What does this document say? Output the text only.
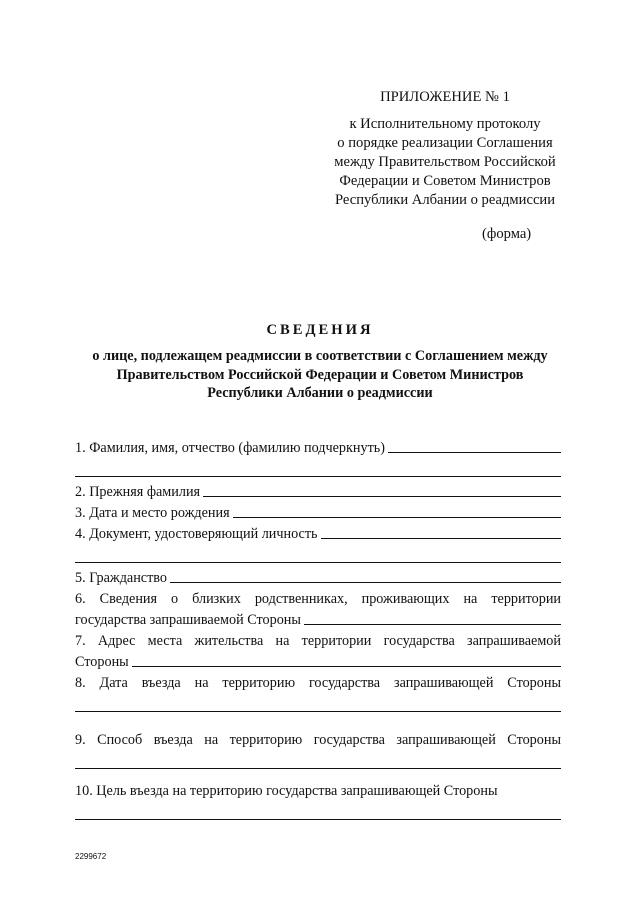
ПРИЛОЖЕНИЕ № 1
к Исполнительному протоколу
о порядке реализации Соглашения
между Правительством Российской
Федерации и Советом Министров
Республики Албании о реадмиссии
(форма)
СВЕДЕНИЯ
о лице, подлежащем реадмиссии в соответствии с Соглашением между
Правительством Российской Федерации и Советом Министров
Республики Албании о реадмиссии
1. Фамилия, имя, отчество (фамилию подчеркнуть)
2. Прежняя фамилия
3. Дата и место рождения
4. Документ, удостоверяющий личность
5. Гражданство
6. Сведения о близких родственниках, проживающих на территории
государства запрашиваемой Стороны
7. Адрес места жительства на территории государства запрашиваемой
Стороны
8. Дата въезда на территорию государства запрашивающей Стороны
9. Способ въезда на территорию государства запрашивающей Стороны
10. Цель въезда на территорию государства запрашивающей Стороны
2299672
